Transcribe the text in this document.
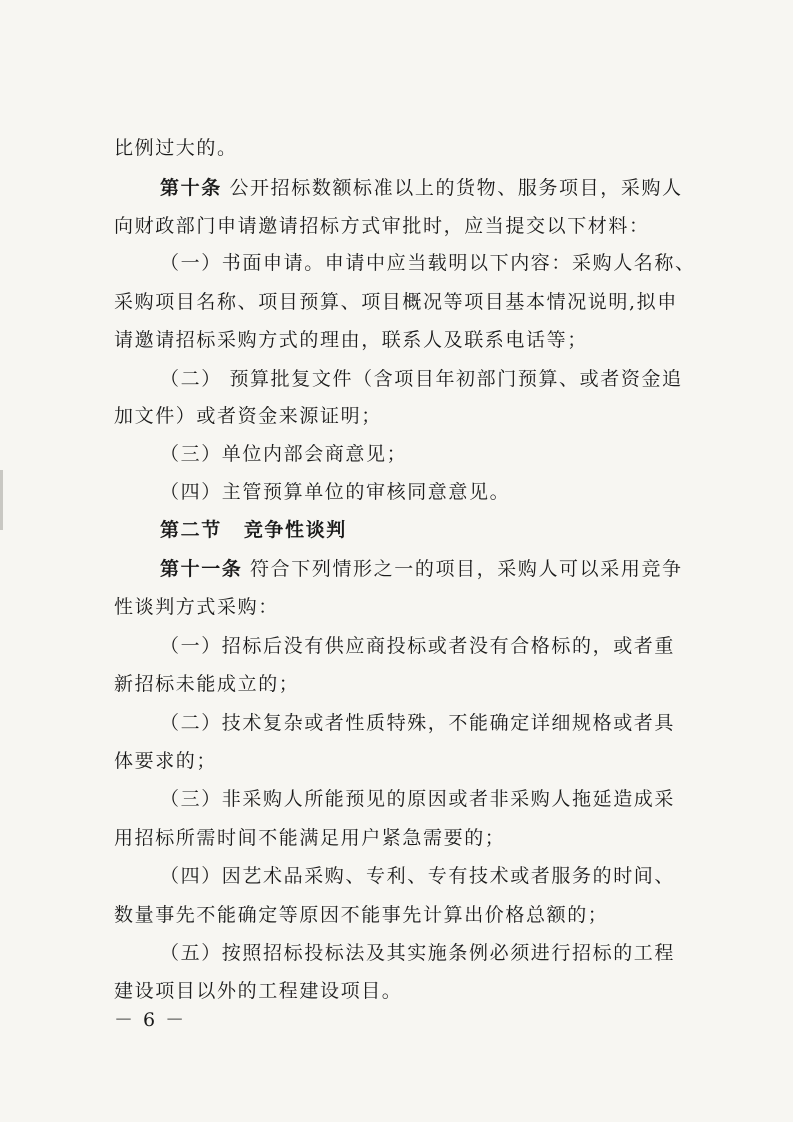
比例过大的。
第十条 公开招标数额标准以上的货物、服务项目，采购人
向财政部门申请邀请招标方式审批时，应当提交以下材料：
（一）书面申请。申请中应当载明以下内容：采购人名称、
采购项目名称、项目预算、项目概况等项目基本情况说明,拟申
请邀请招标采购方式的理由，联系人及联系电话等；
（二） 预算批复文件（含项目年初部门预算、或者资金追
加文件）或者资金来源证明；
（三）单位内部会商意见；
（四）主管预算单位的审核同意意见。
第二节 竞争性谈判
第十一条 符合下列情形之一的项目，采购人可以采用竞争
性谈判方式采购：
（一）招标后没有供应商投标或者没有合格标的，或者重
新招标未能成立的；
（二）技术复杂或者性质特殊，不能确定详细规格或者具
体要求的；
（三）非采购人所能预见的原因或者非采购人拖延造成采
用招标所需时间不能满足用户紧急需要的；
（四）因艺术品采购、专利、专有技术或者服务的时间、
数量事先不能确定等原因不能事先计算出价格总额的；
（五）按照招标投标法及其实施条例必须进行招标的工程
建设项目以外的工程建设项目。
－ 6 －
